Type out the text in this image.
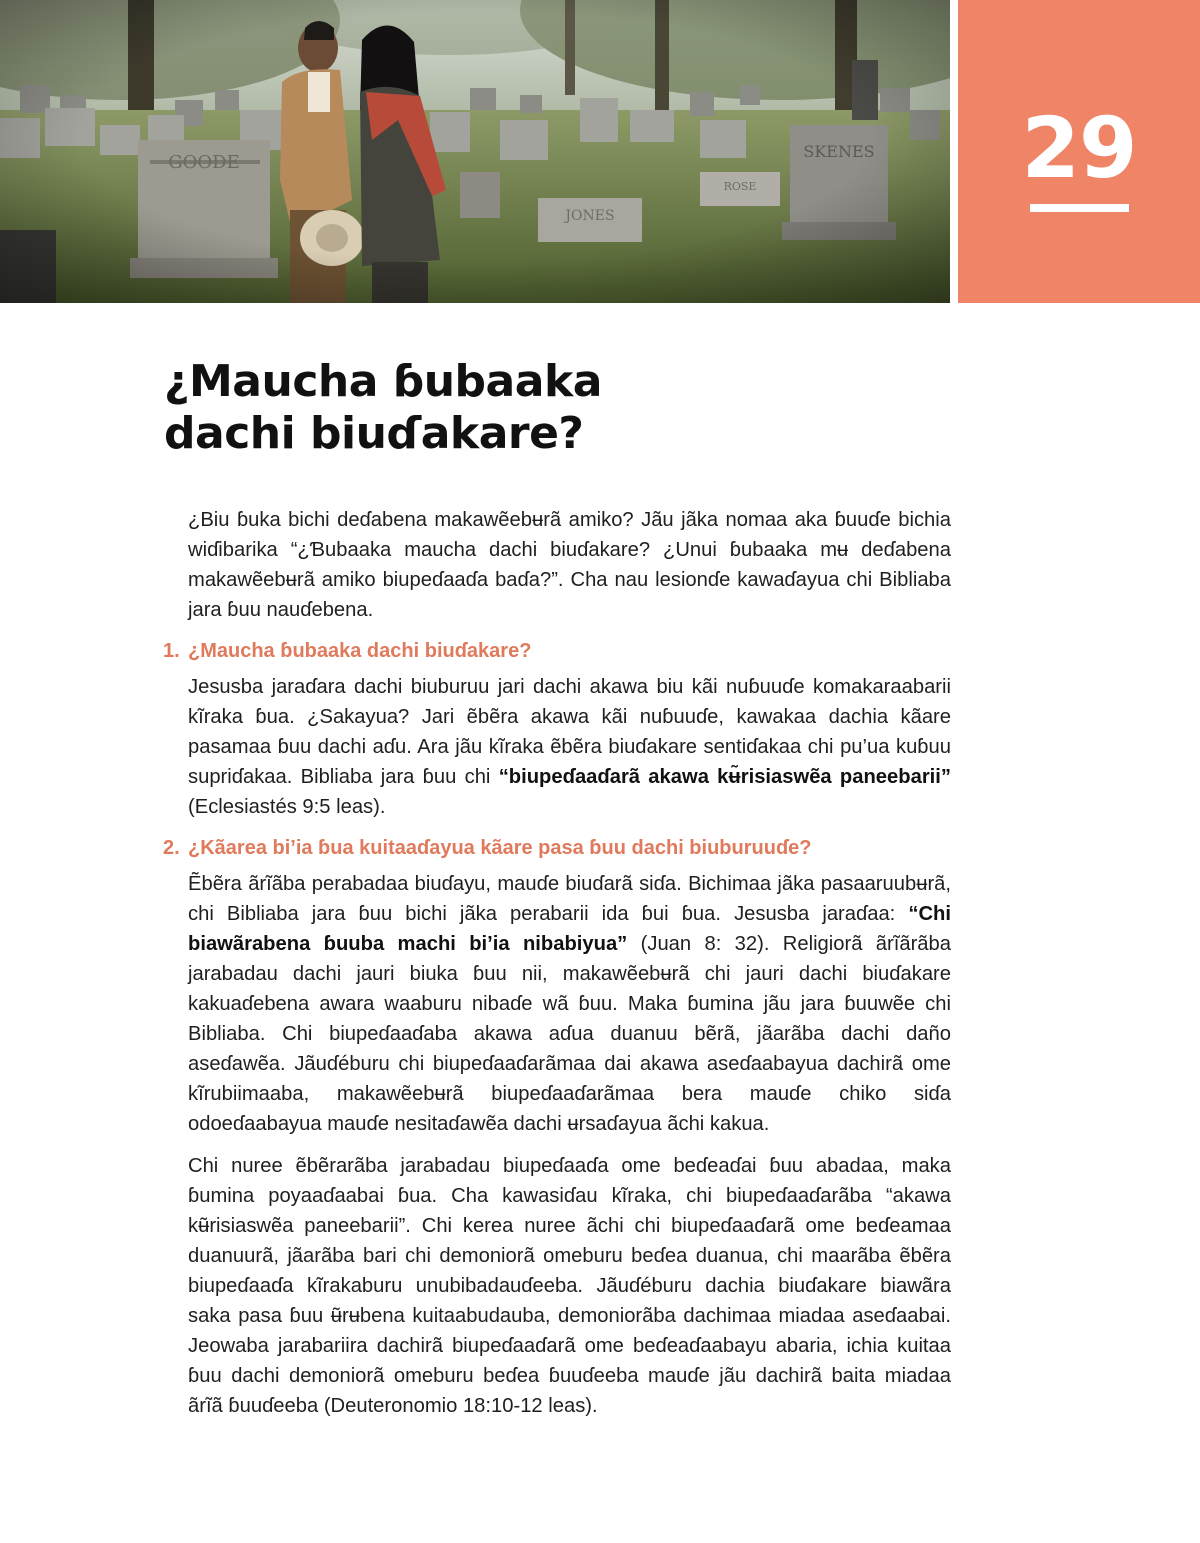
29
¿Maucha ɓubaaka
dachi biuɗakare?

¿Biu ɓuka bichi deɗabena makawẽebʉrã amiko? Jãu jãka nomaa aka ɓuuɗe bichia wiɗibarika “¿Ɓubaaka maucha dachi biuɗakare? ¿Unui ɓubaaka mʉ deɗabena makawẽebʉrã amiko biupeɗaaɗa baɗa?”. Cha nau lesionɗe kawaɗayua chi Bibliaba jara ɓuu nauɗebena.

1. ¿Maucha ɓubaaka dachi biuɗakare?

Jesusba jaraɗara dachi biuburuu jari dachi akawa biu kãi nuɓuuɗe komakaraabarii kĩraka ɓua. ¿Sakayua? Jari ẽbẽra akawa kãi nuɓuuɗe, kawakaa dachia kãare pasamaa ɓuu dachi aɗu. Ara jãu kĩraka ẽbẽra biuɗakare sentiɗakaa chi pu’ua kuɓuu supriɗakaa. Bibliaba jara ɓuu chi “biupeɗaaɗarã akawa kʉ̃risiaswẽa paneebarii” (Eclesiastés 9:5 leas).

2. ¿Kãarea bi’ia ɓua kuitaaɗayua kãare pasa ɓuu dachi biuburuuɗe?

Ẽbẽra ãrĩãba perabadaa biuɗayu, mauɗe biuɗarã siɗa. Bichimaa jãka pasaaruubʉrã, chi Bibliaba jara ɓuu bichi jãka perabarii ida ɓui ɓua. Jesusba jaraɗaa: “Chi biawãrabena ɓuuba machi bi’ia nibabiyua” (Juan 8: 32). Religiorã ãrĩãrãba jarabadau dachi jauri biuka ɓuu nii, makawẽebʉrã chi jauri dachi biuɗakare kakuaɗebena awara waaburu nibaɗe wã ɓuu. Maka ɓumina jãu jara ɓuuwẽe chi Bibliaba. Chi biupeɗaaɗaba akawa aɗua duanuu bẽrã, jãarãba dachi daño aseɗawẽa. Jãuɗéburu chi biupeɗaaɗarãmaa dai akawa aseɗaabayua dachirã ome kĩrubiimaaba, makawẽebʉrã biupeɗaaɗarãmaa bera mauɗe chiko siɗa odoeɗaabayua mauɗe nesitaɗawẽa dachi ʉrsaɗayua ãchi kakua.

Chi nuree ẽbẽrarãba jarabadau biupeɗaaɗa ome beɗeaɗai ɓuu abadaa, maka ɓumina poyaaɗaabai ɓua. Cha kawasiɗau kĩraka, chi biupeɗaaɗarãba “akawa kʉ̃risiaswẽa paneebarii”. Chi kerea nuree ãchi chi biupeɗaaɗarã ome beɗeamaa duanuurã, jãarãba bari chi demoniorã omeburu beɗea duanua, chi maarãba ẽbẽra biupeɗaaɗa kĩrakaburu unubibadauɗeeba. Jãuɗéburu dachia biuɗakare biawãra saka pasa ɓuu ʉ̃rʉbena kuitaabudauba, demoniorãba dachimaa miadaa aseɗaabai. Jeowaba jarabariira dachirã biupeɗaaɗarã ome beɗeaɗaabayu abaria, ichia kuitaa ɓuu dachi demoniorã omeburu beɗea ɓuuɗeeba mauɗe jãu dachirã baita miadaa ãrĩã ɓuuɗeeba (Deuteronomio 18:10-12 leas).
